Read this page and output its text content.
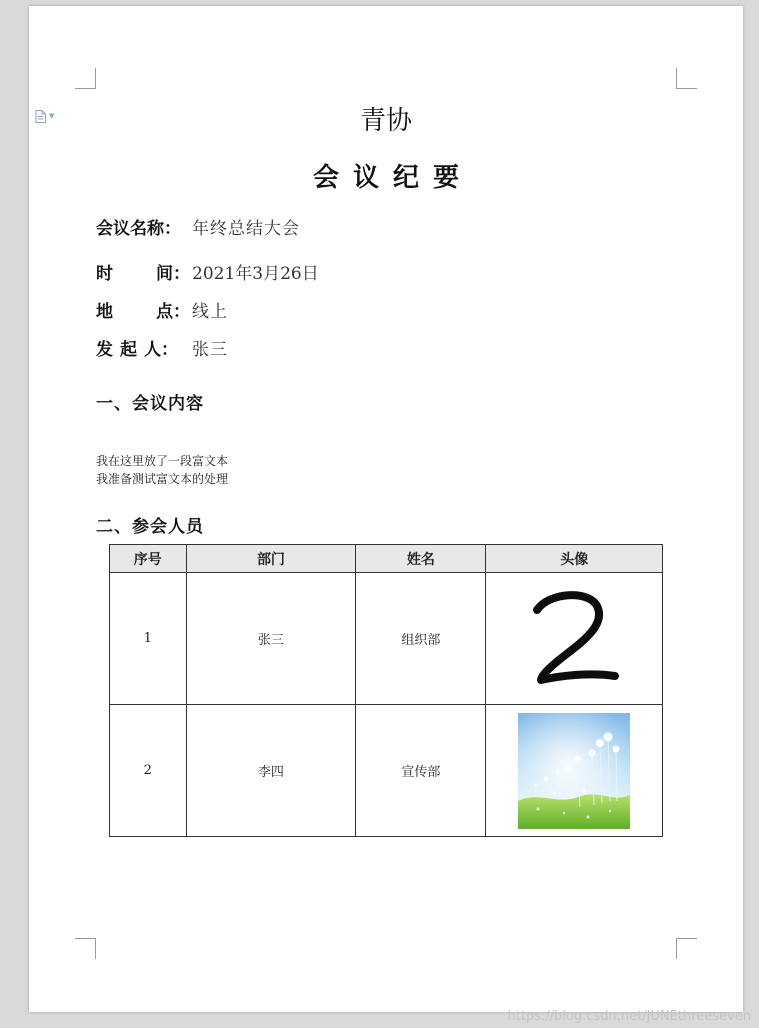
▼	青协
会议纪要
会议名称： 年终总结大会
时	间： 2021年3月26日
地	点： 线上
发 起 人： 张三
一、会议内容
我在这里放了一段富文本
我准备测试富文本的处理
二、参会人员
序号	部门	姓名	头像
1	张三	组织部	

2	李四	宣传部	
https://blog.csdn.net/JUNEthreeseven
